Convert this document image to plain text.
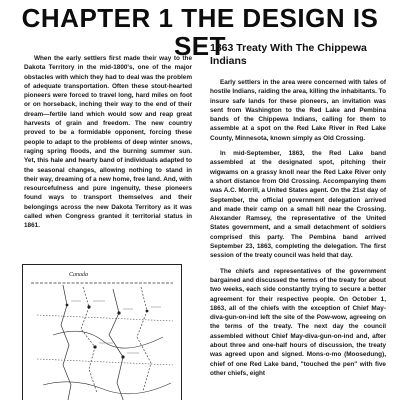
CHAPTER 1 THE DESIGN IS SET

When the early settlers first made their way to the Dakota Territory in the mid-1800's, one of the major obstacles with which they had to deal was the problem of adequate transportation. Often these stout-hearted pioneers were forced to travel long, hard miles on foot or on horseback, inching their way to the end of their dream—fertile land which would sow and reap great harvests of grain and freedom. The new country proved to be a formidable opponent, forcing these people to adapt to the problems of deep winter snows, raging spring floods, and the burning summer sun. Yet, this hale and hearty band of individuals adapted to the seasonal changes, allowing nothing to stand in their way, dreaming of a new home, free land. And, with resourcefulness and pure ingenuity, these pioneers found ways to transport themselves and their belongings across the new Dakota Territory as it was called when Congress granted it territorial status in 1861.

1863 Treaty With The Chippewa Indians

Early settlers in the area were concerned with tales of hostile Indians, raiding the area, killing the inhabitants. To insure safe lands for these pioneers, an invitation was sent from Washington to the Red Lake and Pembina bands of the Chippewa Indians, calling for them to assemble at a spot on the Red Lake River in Red Lake County, Minnesota, known simply as Old Crossing.

In mid-September, 1863, the Red Lake band assembled at the designated spot, pitching their wigwams on a grassy knoll near the Red Lake River only a short distance from Old Crossing. Accompanying them was A.C. Morrill, a United States agent. On the 21st day of September, the official government delegation arrived and made their camp on a small hill near the Crossing. Alexander Ramsey, the representative of the United States government, and a small detachment of soldiers comprised this party. The Pembina band arrived September 23, 1863, completing the delegation. The first session of the treaty council was held that day.

The chiefs and representatives of the government bargained and discussed the terms of the treaty for about two weeks, each side constantly trying to secure a better agreement for their respective people. On October 1, 1863, all of the chiefs with the exception of Chief May-diva-gun-on-ind left the site of the Pow-wow, agreeing on the terms of the treaty. The next day the council assembled without Chief May-diva-gun-on-ind and, after about three and one-half hours of discussion, the treaty was agreed upon and signed. Mons-o-mo (Moosedung), chief of one Red Lake band, "touched the pen" with five other chiefs, eight

Canada
